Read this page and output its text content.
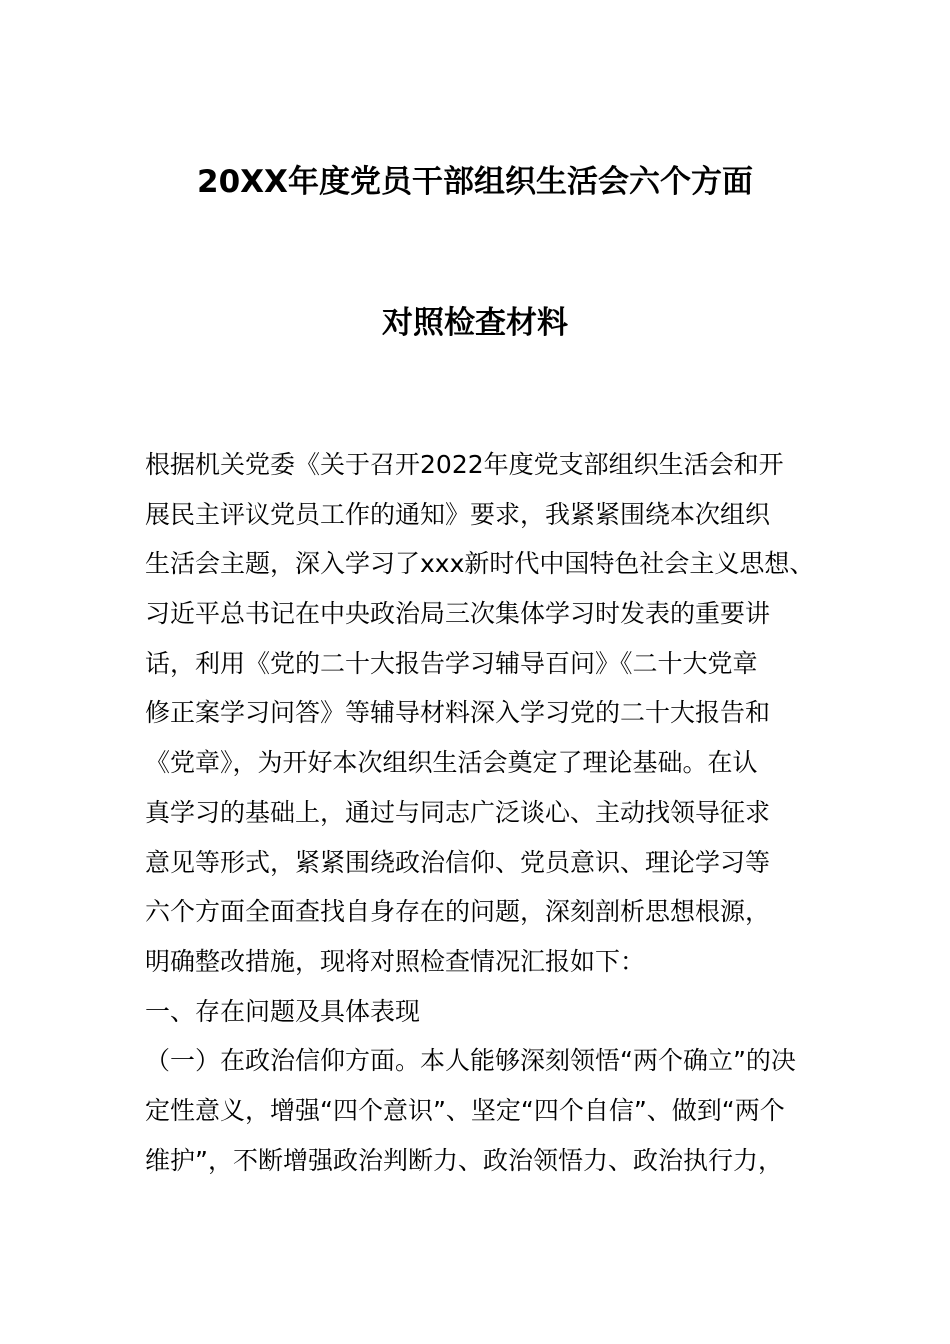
20XX年度党员干部组织生活会六个方面
对照检查材料
根据机关党委《关于召开2022年度党支部组织生活会和开
展民主评议党员工作的通知》要求，我紧紧围绕本次组织
生活会主题，深入学习了xxx新时代中国特色社会主义思想、
习近平总书记在中央政治局三次集体学习时发表的重要讲
话，利用《党的二十大报告学习辅导百问》《二十大党章
修正案学习问答》等辅导材料深入学习党的二十大报告和
《党章》，为开好本次组织生活会奠定了理论基础。在认
真学习的基础上，通过与同志广泛谈心、主动找领导征求
意见等形式，紧紧围绕政治信仰、党员意识、理论学习等
六个方面全面查找自身存在的问题，深刻剖析思想根源，
明确整改措施，现将对照检查情况汇报如下：
一、存在问题及具体表现
（一）在政治信仰方面。本人能够深刻领悟“两个确立”的决
定性意义，增强“四个意识”、坚定“四个自信”、做到“两个
维护”，不断增强政治判断力、政治领悟力、政治执行力，
